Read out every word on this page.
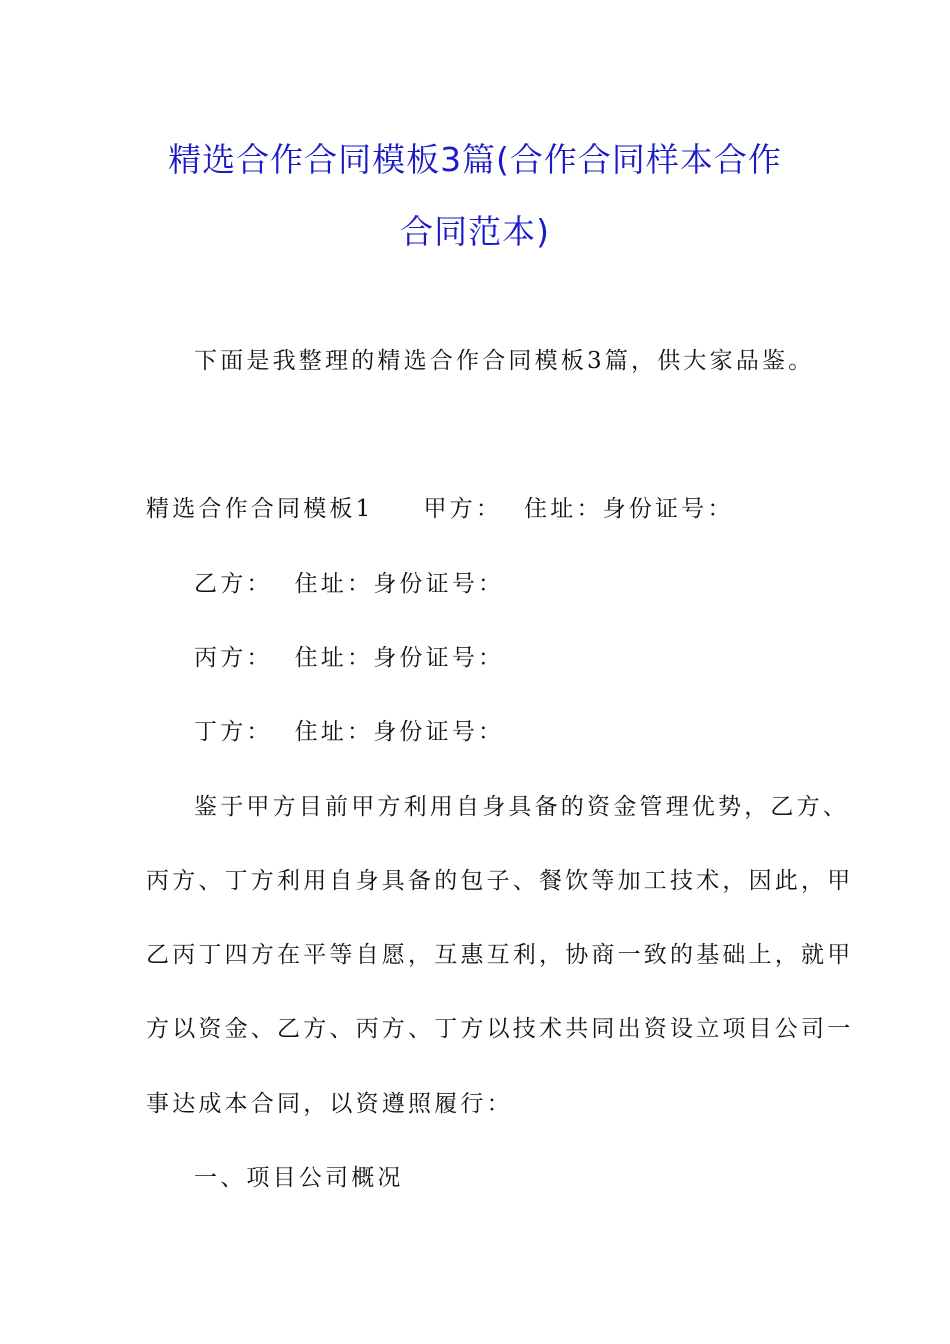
精选合作合同模板3篇(合作合同样本合作
合同范本)
下面是我整理的精选合作合同模板3篇，供大家品鉴。
精选合作合同模板1 甲方： 住址：身份证号：
乙方： 住址：身份证号：
丙方： 住址：身份证号：
丁方： 住址：身份证号：
鉴于甲方目前甲方利用自身具备的资金管理优势，乙方、
丙方、丁方利用自身具备的包子、餐饮等加工技术，因此，甲
乙丙丁四方在平等自愿，互惠互利，协商一致的基础上，就甲
方以资金、乙方、丙方、丁方以技术共同出资设立项目公司一
事达成本合同，以资遵照履行：
一、项目公司概况
